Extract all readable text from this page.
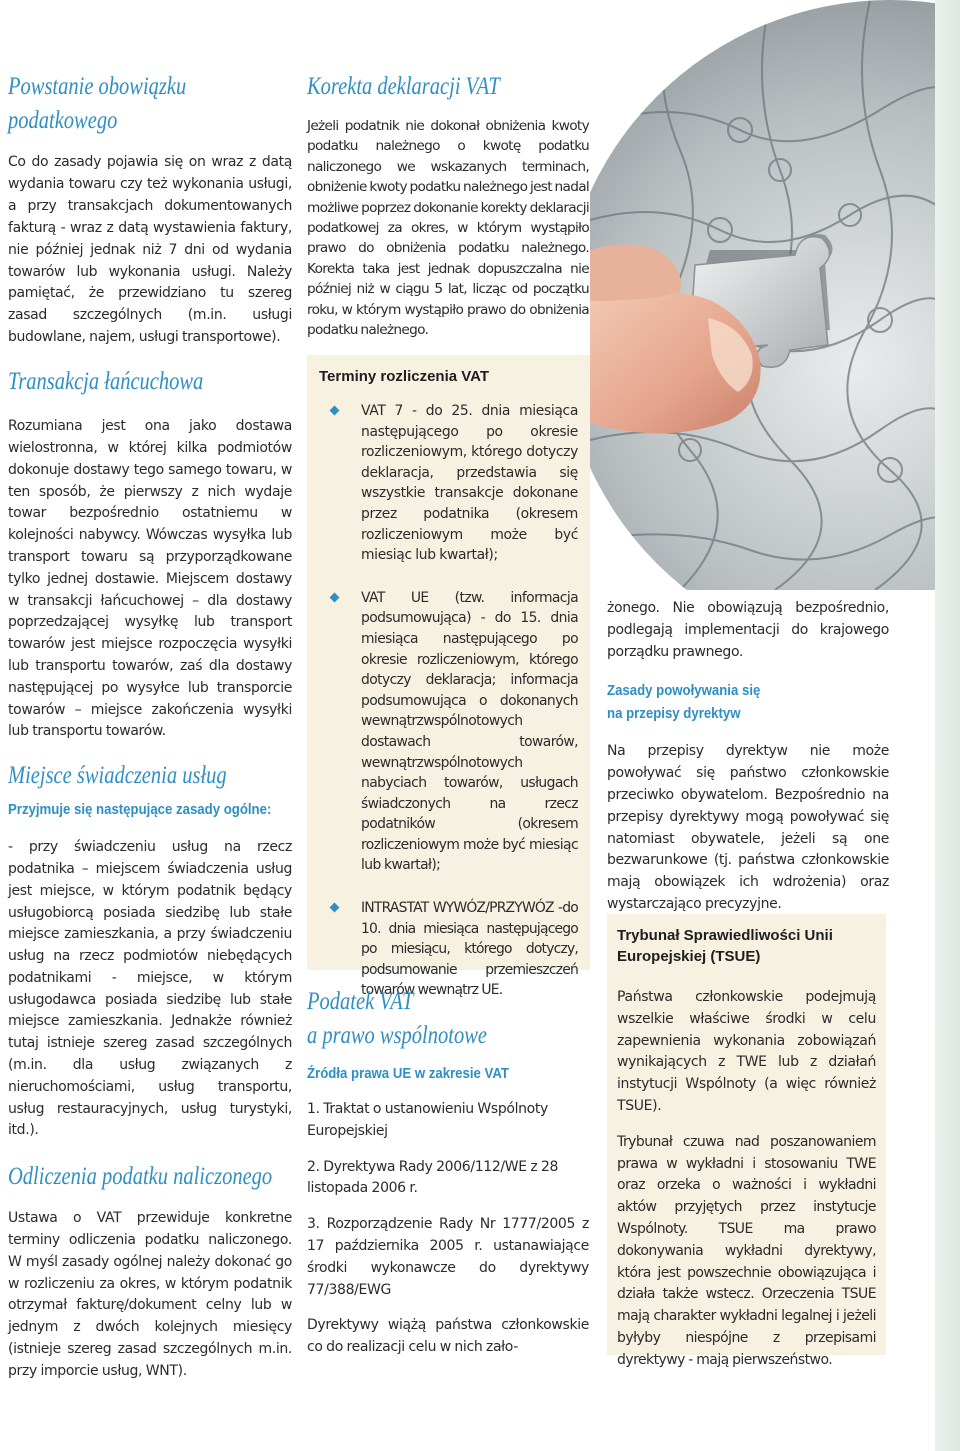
Powstanie obowiązku
podatkowego

Co do zasady pojawia się on wraz z datą wydania towaru czy też wykonania usługi, a przy transakcjach dokumentowanych fakturą - wraz z datą wystawienia faktury, nie później jednak niż 7 dni od wydania towarów lub wykonania usługi. Należy pamiętać, że przewidziano tu szereg zasad szczególnych (m.in. usługi budowlane, najem, usługi transportowe).

Transakcja łańcuchowa

Rozumiana jest ona jako dostawa wielostronna, w której kilka podmiotów dokonuje dostawy tego samego towaru, w ten sposób, że pierwszy z nich wydaje towar bezpośrednio ostatniemu w kolejności nabywcy. Wówczas wysyłka lub transport towaru są przyporządkowane tylko jednej dostawie. Miejscem dostawy w transakcji łańcuchowej – dla dostawy poprzedzającej wysyłkę lub transport towarów jest miejsce rozpoczęcia wysyłki lub transportu towarów, zaś dla dostawy następującej po wysyłce lub transporcie towarów – miejsce zakończenia wysyłki lub transportu towarów.

Miejsce świadczenia usług
Przyjmuje się następujące zasady ogólne:

- przy świadczeniu usług na rzecz podatnika – miejscem świadczenia usług jest miejsce, w którym podatnik będący usługobiorcą posiada siedzibę lub stałe miejsce zamieszkania, a przy świadczeniu usług na rzecz podmiotów niebędących podatnikami - miejsce, w którym usługodawca posiada siedzibę lub stałe miejsce zamieszkania. Jednakże również tutaj istnieje szereg zasad szczególnych (m.in. dla usług związanych z nieruchomościami, usług transportu, usług restauracyjnych, usług turystyki, itd.).

Odliczenia podatku naliczonego

Ustawa o VAT przewiduje konkretne terminy odliczenia podatku naliczonego. W myśl zasady ogólnej należy dokonać go w rozliczeniu za okres, w którym podatnik otrzymał fakturę/dokument celny lub w jednym z dwóch kolejnych miesięcy (istnieje szereg zasad szczególnych m.in. przy imporcie usług, WNT).

Korekta deklaracji VAT

Jeżeli podatnik nie dokonał obniżenia kwoty podatku należnego o kwotę podatku naliczonego we wskazanych terminach, obniżenie kwoty podatku należnego jest nadal możliwe poprzez dokonanie korekty deklaracji podatkowej za okres, w którym wystąpiło prawo do obniżenia podatku należnego. Korekta taka jest jednak dopuszczalna nie później niż w ciągu 5 lat, licząc od początku roku, w którym wystąpiło prawo do obniżenia podatku należnego.

Terminy rozliczenia VAT

VAT 7 - do 25. dnia miesiąca następującego po okresie rozliczeniowym, którego dotyczy deklaracja, przedstawia się wszystkie transakcje dokonane przez podatnika (okresem rozliczeniowym może być miesiąc lub kwartał);

VAT UE (tzw. informacja podsumowująca) - do 15. dnia miesiąca następującego po okresie rozliczeniowym, którego dotyczy deklaracja; informacja podsumowująca o dokonanych wewnątrzwspólnotowych dostawach towarów, wewnątrzwspólnotowych nabyciach towarów, usługach świadczonych na rzecz podatników (okresem rozliczeniowym może być miesiąc lub kwartał);

INTRASTAT WYWÓZ/PRZYWÓZ -do 10. dnia miesiąca następującego po miesiącu, którego dotyczy, podsumowanie przemieszczeń towarów wewnątrz UE.

Podatek VAT
a prawo wspólnotowe
Źródła prawa UE w zakresie VAT

1. Traktat o ustanowieniu Wspólnoty Europejskiej

2. Dyrektywa Rady 2006/112/WE z 28 listopada 2006 r.

3. Rozporządzenie Rady Nr 1777/2005 z 17 października 2005 r. ustanawiające środki wykonawcze do dyrektywy 77/388/EWG

Dyrektywy wiążą państwa członkowskie co do realizacji celu w nich zało-

żonego. Nie obowiązują bezpośrednio, podlegają implementacji do krajowego porządku prawnego.

Zasady powoływania się
na przepisy dyrektyw

Na przepisy dyrektyw nie może powoływać się państwo członkowskie przeciwko obywatelom. Bezpośrednio na przepisy dyrektywy mogą powoływać się natomiast obywatele, jeżeli są one bezwarunkowe (tj. państwa członkowskie mają obowiązek ich wdrożenia) oraz wystarczająco precyzyjne.

Trybunał Sprawiedliwości Unii Europejskiej (TSUE)

Państwa członkowskie podejmują wszelkie właściwe środki w celu zapewnienia wykonania zobowiązań wynikających z TWE lub z działań instytucji Wspólnoty (a więc również TSUE).

Trybunał czuwa nad poszanowaniem prawa w wykładni i stosowaniu TWE oraz orzeka o ważności i wykładni aktów przyjętych przez instytucje Wspólnoty. TSUE ma prawo dokonywania wykładni dyrektywy, która jest powszechnie obowiązująca i działa także wstecz. Orzeczenia TSUE mają charakter wykładni legalnej i jeżeli byłyby niespójne z przepisami dyrektywy - mają pierwszeństwo.
